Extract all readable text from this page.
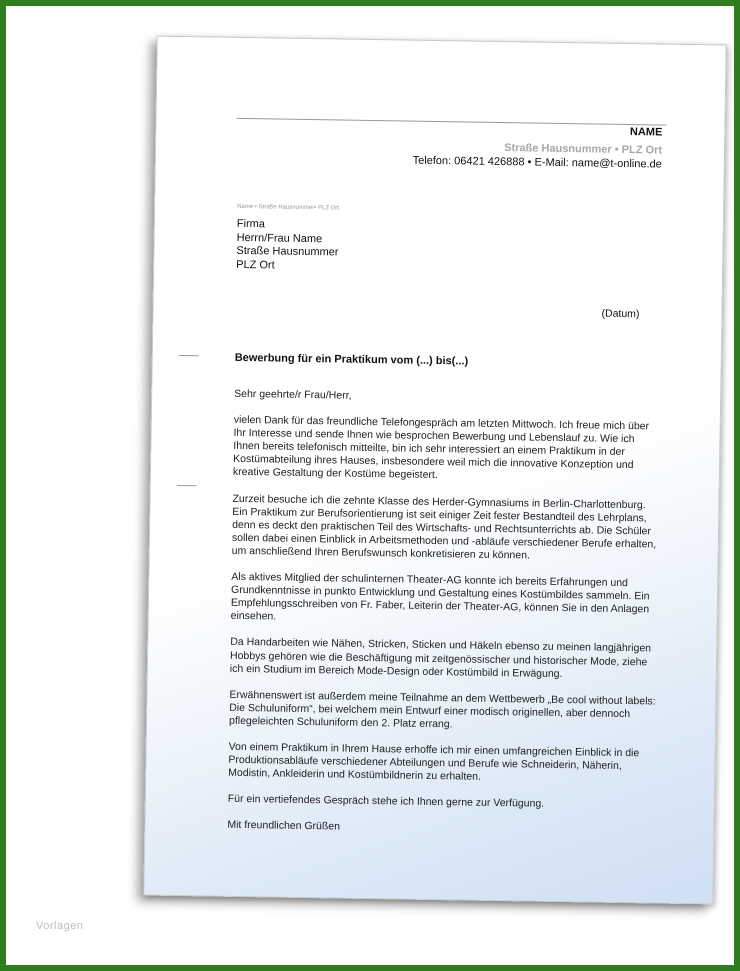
NAME
Straße Hausnummer • PLZ Ort
Telefon: 06421 426888 • E-Mail: name@t-online.de
Name • Straße Hausnummer• PLZ Ort
Firma
Herrn/Frau Name
Straße Hausnummer
PLZ Ort
(Datum)
Bewerbung für ein Praktikum vom (...) bis(...)

Sehr geehrte/r Frau/Herr,

vielen Dank für das freundliche Telefongespräch am letzten Mittwoch. Ich freue mich über Ihr Interesse und sende Ihnen wie besprochen Bewerbung und Lebenslauf zu. Wie ich Ihnen bereits telefonisch mitteilte, bin ich sehr interessiert an einem Praktikum in der Kostümabteilung ihres Hauses, insbesondere weil mich die innovative Konzeption und kreative Gestaltung der Kostüme begeistert.

Zurzeit besuche ich die zehnte Klasse des Herder-Gymnasiums in Berlin-Charlottenburg. Ein Praktikum zur Berufsorientierung ist seit einiger Zeit fester Bestandteil des Lehrplans, denn es deckt den praktischen Teil des Wirtschafts- und Rechtsunterrichts ab. Die Schüler sollen dabei einen Einblick in Arbeitsmethoden und -abläufe verschiedener Berufe erhalten, um anschließend Ihren Berufswunsch konkretisieren zu können.

Als aktives Mitglied der schulinternen Theater-AG konnte ich bereits Erfahrungen und Grundkenntnisse in punkto Entwicklung und Gestaltung eines Kostümbildes sammeln. Ein Empfehlungsschreiben von Fr. Faber, Leiterin der Theater-AG, können Sie in den Anlagen einsehen.

Da Handarbeiten wie Nähen, Stricken, Sticken und Häkeln ebenso zu meinen langjährigen Hobbys gehören wie die Beschäftigung mit zeitgenössischer und historischer Mode, ziehe ich ein Studium im Bereich Mode-Design oder Kostümbild in Erwägung.

Erwähnenswert ist außerdem meine Teilnahme an dem Wettbewerb „Be cool without labels: Die Schuluniform“, bei welchem mein Entwurf einer modisch originellen, aber dennoch pflegeleichten Schuluniform den 2. Platz errang.

Von einem Praktikum in Ihrem Hause erhoffe ich mir einen umfangreichen Einblick in die Produktionsabläufe verschiedener Abteilungen und Berufe wie Schneiderin, Näherin, Modistin, Ankleiderin und Kostümbildnerin zu erhalten.

Für ein vertiefendes Gespräch stehe ich Ihnen gerne zur Verfügung.

Mit freundlichen Grüßen

Vorlagen
